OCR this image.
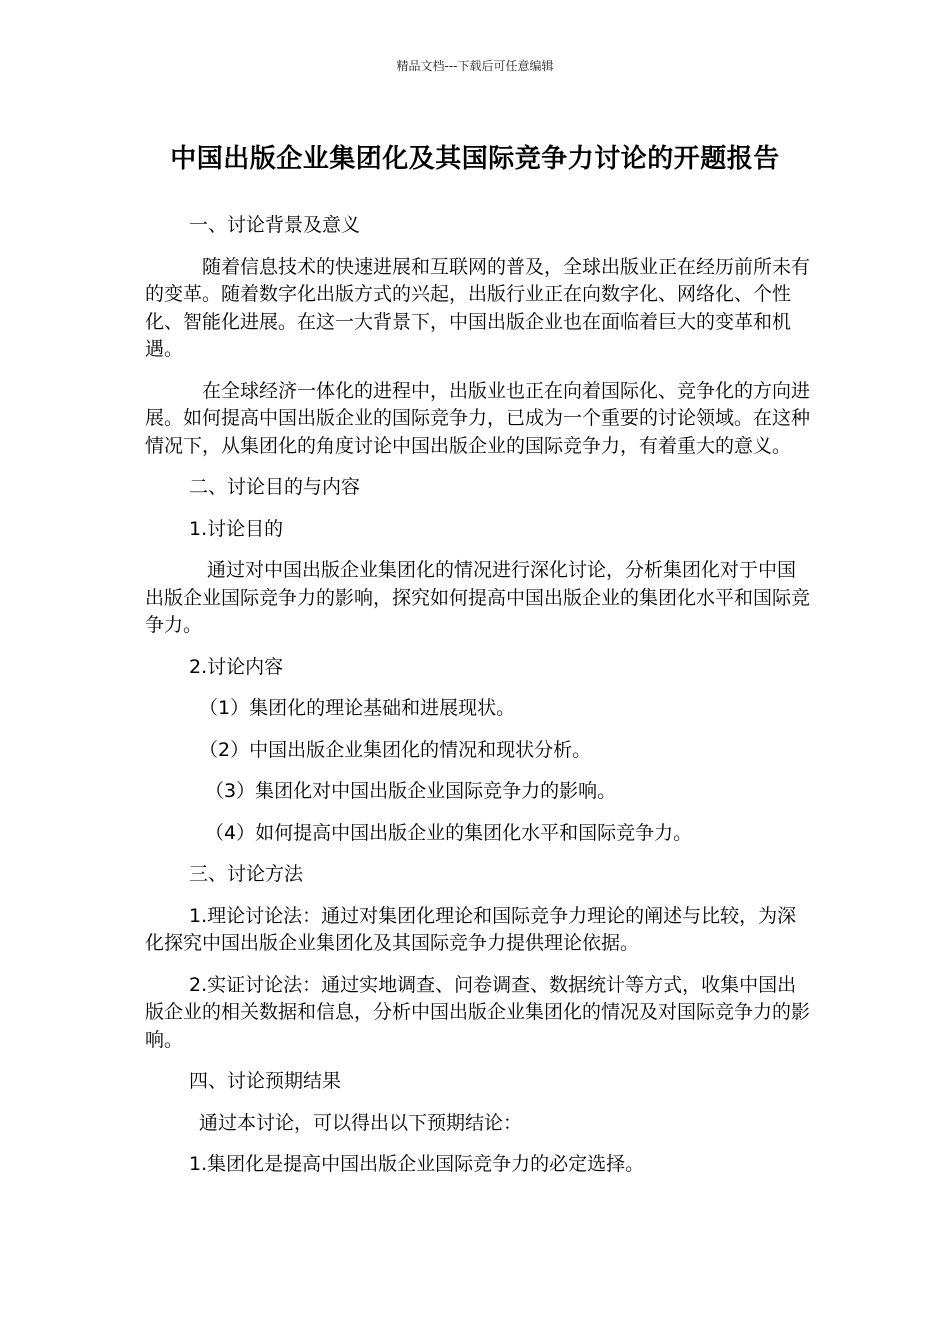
精品文档---下载后可任意编辑
中国出版企业集团化及其国际竞争力讨论的开题报告

一、讨论背景及意义

随着信息技术的快速进展和互联网的普及，全球出版业正在经历前所未有的变革。随着数字化出版方式的兴起，出版行业正在向数字化、网络化、个性化、智能化进展。在这一大背景下，中国出版企业也在面临着巨大的变革和机遇。

在全球经济一体化的进程中，出版业也正在向着国际化、竞争化的方向进展。如何提高中国出版企业的国际竞争力，已成为一个重要的讨论领域。在这种情况下，从集团化的角度讨论中国出版企业的国际竞争力，有着重大的意义。

二、讨论目的与内容

1.讨论目的

通过对中国出版企业集团化的情况进行深化讨论，分析集团化对于中国出版企业国际竞争力的影响，探究如何提高中国出版企业的集团化水平和国际竞争力。

2.讨论内容

（1）集团化的理论基础和进展现状。

（2）中国出版企业集团化的情况和现状分析。

（3）集团化对中国出版企业国际竞争力的影响。

（4）如何提高中国出版企业的集团化水平和国际竞争力。

三、讨论方法

1.理论讨论法：通过对集团化理论和国际竞争力理论的阐述与比较，为深化探究中国出版企业集团化及其国际竞争力提供理论依据。

2.实证讨论法：通过实地调查、问卷调查、数据统计等方式，收集中国出版企业的相关数据和信息，分析中国出版企业集团化的情况及对国际竞争力的影响。

四、讨论预期结果

通过本讨论，可以得出以下预期结论：

1.集团化是提高中国出版企业国际竞争力的必定选择。
